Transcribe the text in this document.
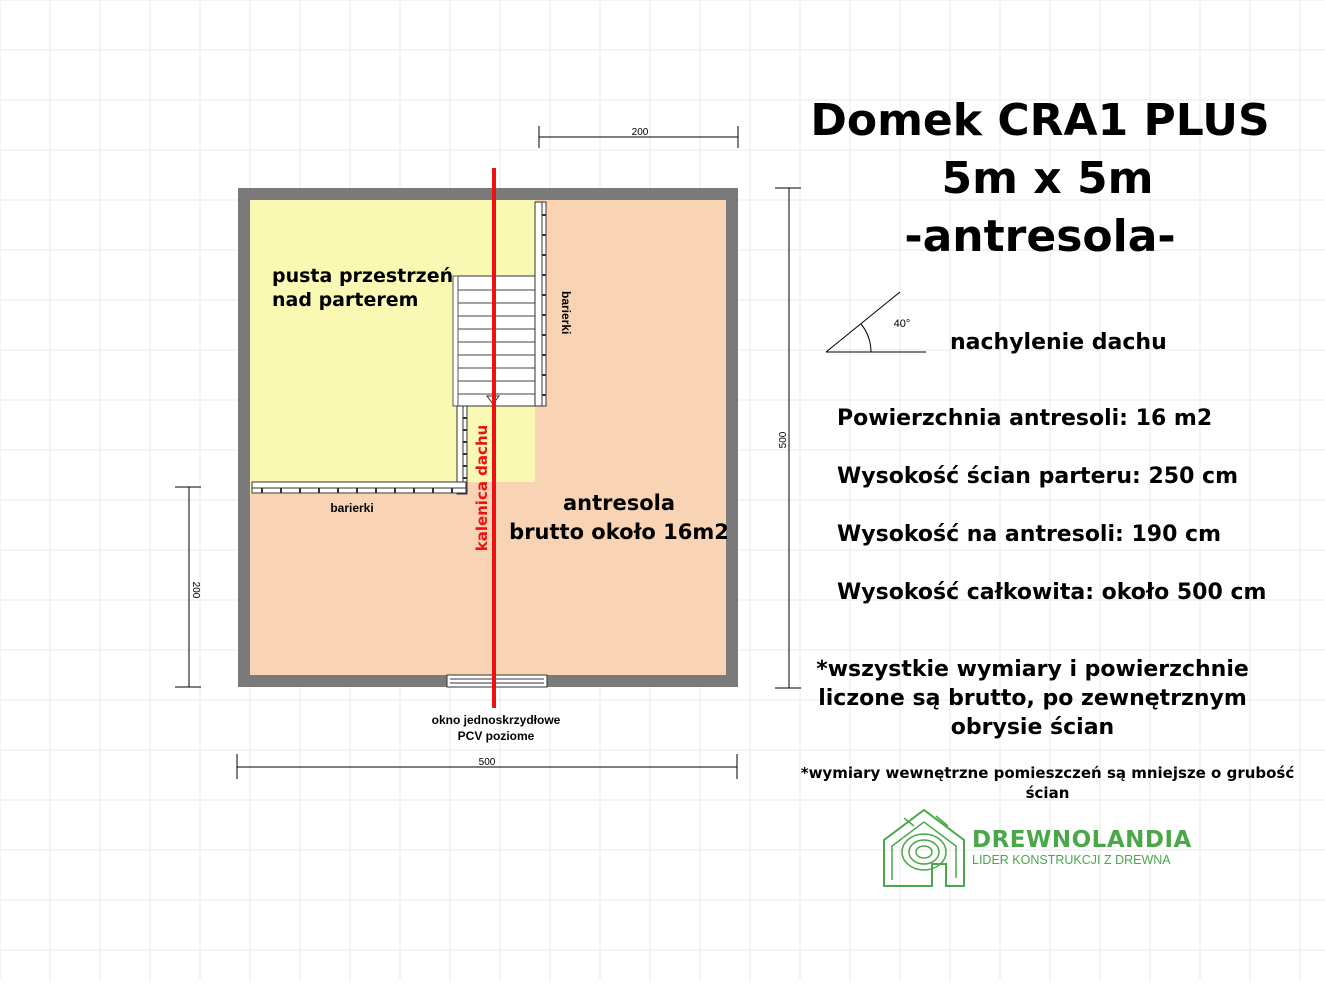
200
500
200
500
pusta przestrzeń
nad parterem	barierki
barierki	kalenica dachu	antresola
brutto około 16m2
okno jednoskrzydłowe
PCV poziome
40°
Domek CRA1 PLUS
5m x 5m
-antresola-
nachylenie dachu
Powierzchnia antresoli: 16 m2
Wysokość ścian parteru: 250 cm
Wysokość na antresoli: 190 cm
Wysokość całkowita: około 500 cm
*wszystkie wymiary i powierzchnie
liczone są brutto, po zewnętrznym
obrysie ścian
*wymiary wewnętrzne pomieszczeń są mniejsze o grubość ścian
DREWNOLANDIA
LIDER KONSTRUKCJI Z DREWNA
